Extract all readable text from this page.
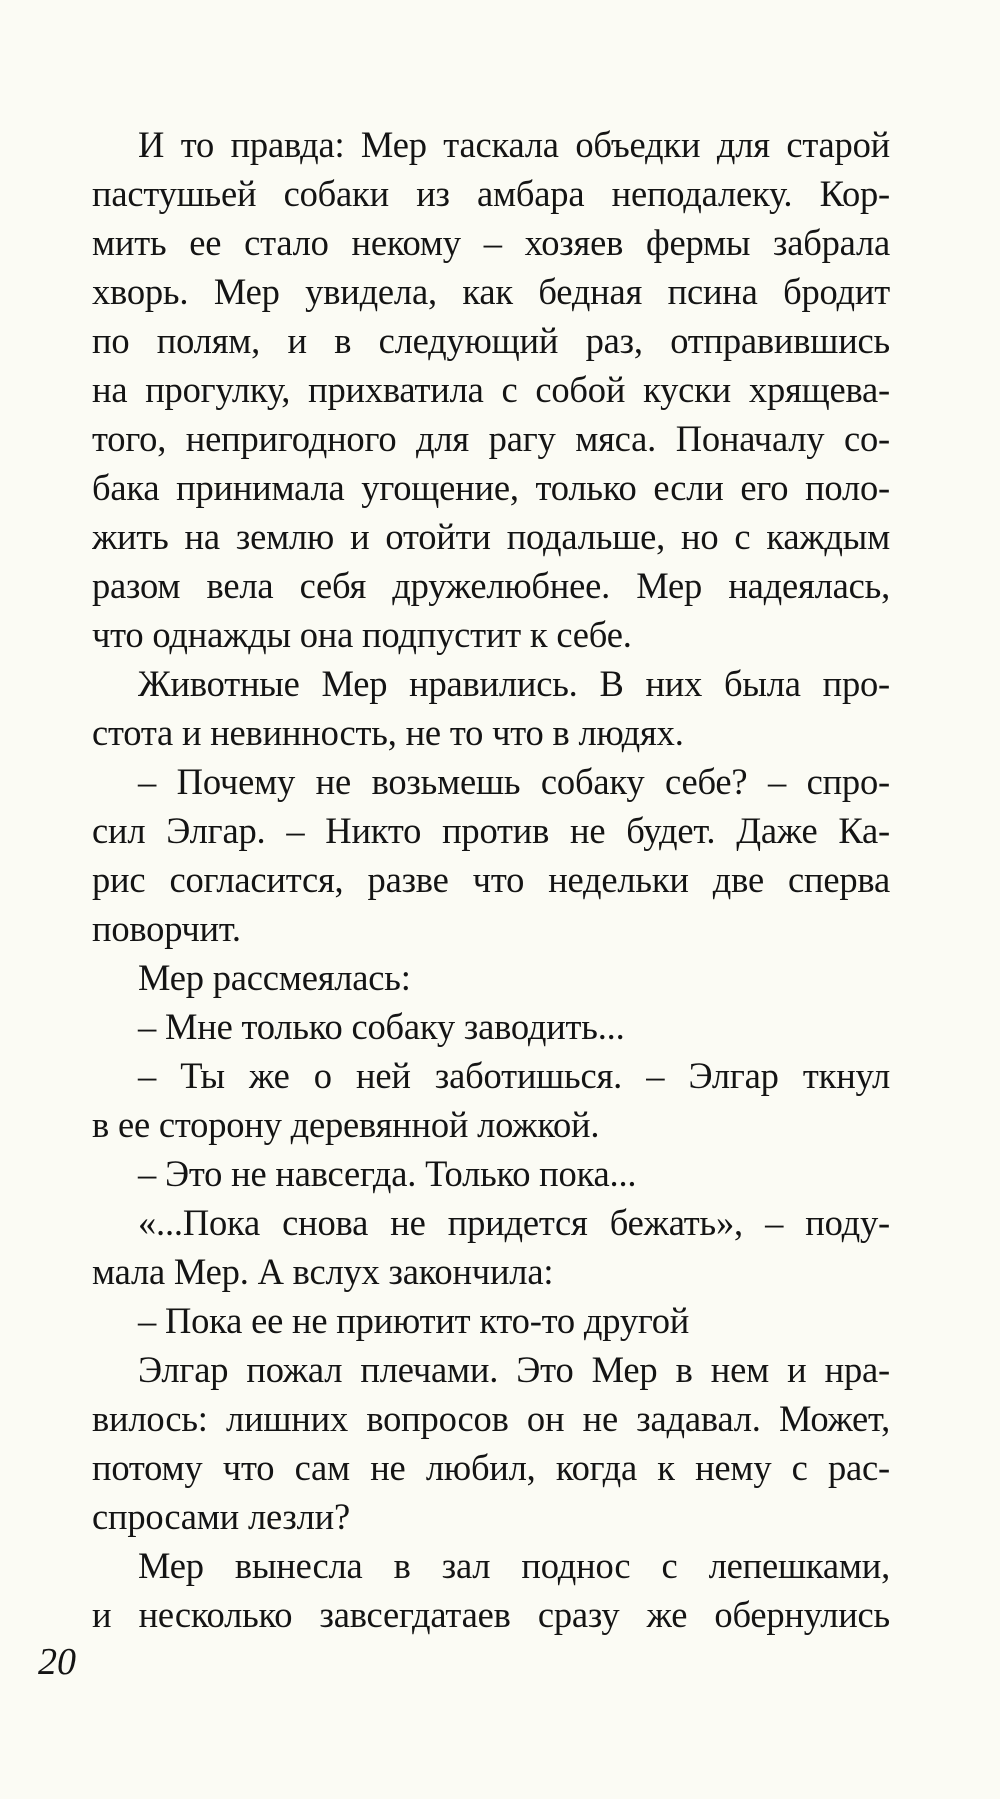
И то правда: Мер таскала объедки для старой
пастушьей собаки из амбара неподалеку. Кор-
мить ее стало некому – хозяев фермы забрала
хворь. Мер увидела, как бедная псина бродит
по полям, и в следующий раз, отправившись
на прогулку, прихватила с собой куски хрящева-
того, непригодного для рагу мяса. Поначалу со-
бака принимала угощение, только если его поло-
жить на землю и отойти подальше, но с каждым
разом вела себя дружелюбнее. Мер надеялась,
что однажды она подпустит к себе.
Животные Мер нравились. В них была про-
стота и невинность, не то что в людях.
– Почему не возьмешь собаку себе? – спро-
сил Элгар. – Никто против не будет. Даже Ка-
рис согласится, разве что недельки две сперва
поворчит.
Мер рассмеялась:
– Мне только собаку заводить...
– Ты же о ней заботишься. – Элгар ткнул
в ее сторону деревянной ложкой.
– Это не навсегда. Только пока...
«...Пока снова не придется бежать», – поду-
мала Мер. А вслух закончила:
– Пока ее не приютит кто-то другой
Элгар пожал плечами. Это Мер в нем и нра-
вилось: лишних вопросов он не задавал. Может,
потому что сам не любил, когда к нему с рас-
спросами лезли?
Мер вынесла в зал поднос с лепешками,
и несколько завсегдатаев сразу же обернулись
20
